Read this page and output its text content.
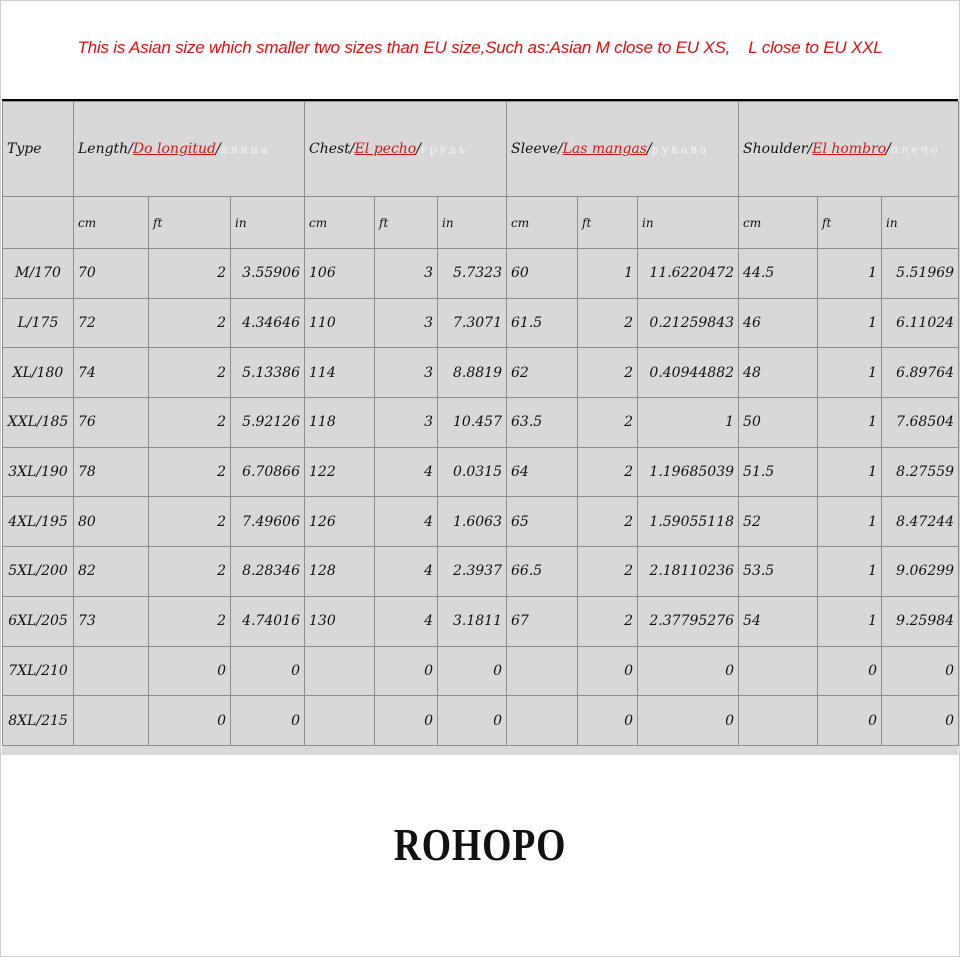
This is Asian size which smaller two sizes than EU size,Such as:Asian M close to EU XS,    L close to EU XXL
Type	Length/Do longitud/длина			Chest/El pecho/грудь			Sleeve/Las mangas/рукава			Shoulder/El hombro/плечо		
	cm	ft	in	cm	ft	in	cm	ft	in	cm	ft	in
M/170	70	2	3.55906	106	3	5.7323	60	1	11.6220472	44.5	1	5.51969
L/175	72	2	4.34646	110	3	7.3071	61.5	2	0.21259843	46	1	6.11024
XL/180	74	2	5.13386	114	3	8.8819	62	2	0.40944882	48	1	6.89764
XXL/185	76	2	5.92126	118	3	10.457	63.5	2	1	50	1	7.68504
3XL/190	78	2	6.70866	122	4	0.0315	64	2	1.19685039	51.5	1	8.27559
4XL/195	80	2	7.49606	126	4	1.6063	65	2	1.59055118	52	1	8.47244
5XL/200	82	2	8.28346	128	4	2.3937	66.5	2	2.18110236	53.5	1	9.06299
6XL/205	73	2	4.74016	130	4	3.1811	67	2	2.37795276	54	1	9.25984
7XL/210		0	0		0	0		0	0		0	0
8XL/215		0	0		0	0		0	0		0	0
ROHOPO
